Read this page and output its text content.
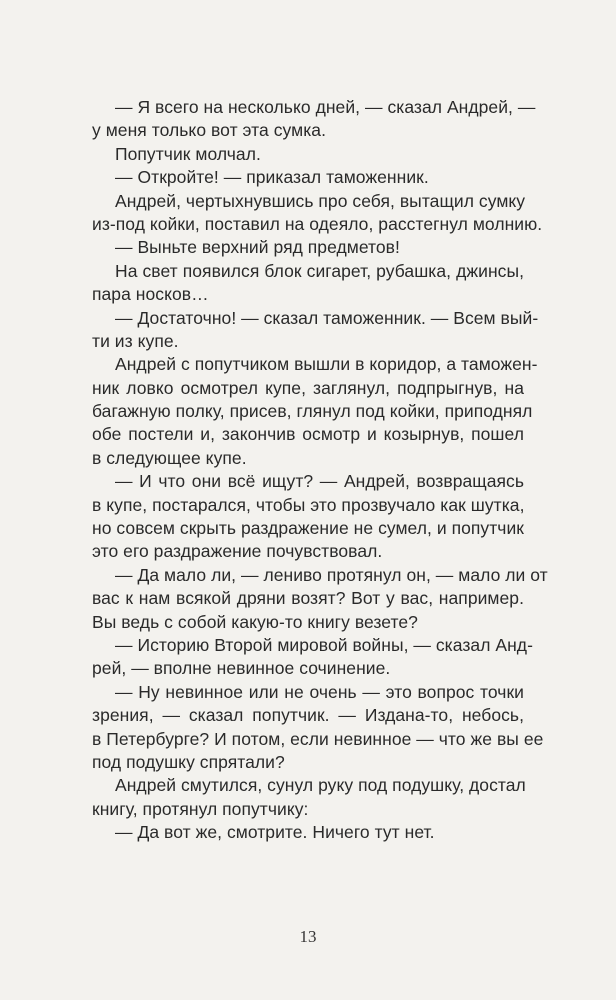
— Я всего на несколько дней, — сказал Андрей, —
у меня только вот эта сумка.
Попутчик молчал.
— Откройте! — приказал таможенник.
Андрей, чертыхнувшись про себя, вытащил сумку
из-под койки, поставил на одеяло, расстегнул молнию.
— Выньте верхний ряд предметов!
На свет появился блок сигарет, рубашка, джинсы,
пара носков…
— Достаточно! — сказал таможенник. — Всем вый-
ти из купе.
Андрей с попутчиком вышли в коридор, а таможен-
ник ловко осмотрел купе, заглянул, подпрыгнув, на
багажную полку, присев, глянул под койки, приподнял
обе постели и, закончив осмотр и козырнув, пошел
в следующее купе.
— И что они всё ищут? — Андрей, возвращаясь
в купе, постарался, чтобы это прозвучало как шутка,
но совсем скрыть раздражение не сумел, и попутчик
это его раздражение почувствовал.
— Да мало ли, — лениво протянул он, — мало ли от
вас к нам всякой дряни возят? Вот у вас, например.
Вы ведь с собой какую-то книгу везете?
— Историю Второй мировой войны, — сказал Анд-
рей, — вполне невинное сочинение.
— Ну невинное или не очень — это вопрос точки
зрения, — сказал попутчик. — Издана-то, небось,
в Петербурге? И потом, если невинное — что же вы ее
под подушку спрятали?
Андрей смутился, сунул руку под подушку, достал
книгу, протянул попутчику:
— Да вот же, смотрите. Ничего тут нет.
13
